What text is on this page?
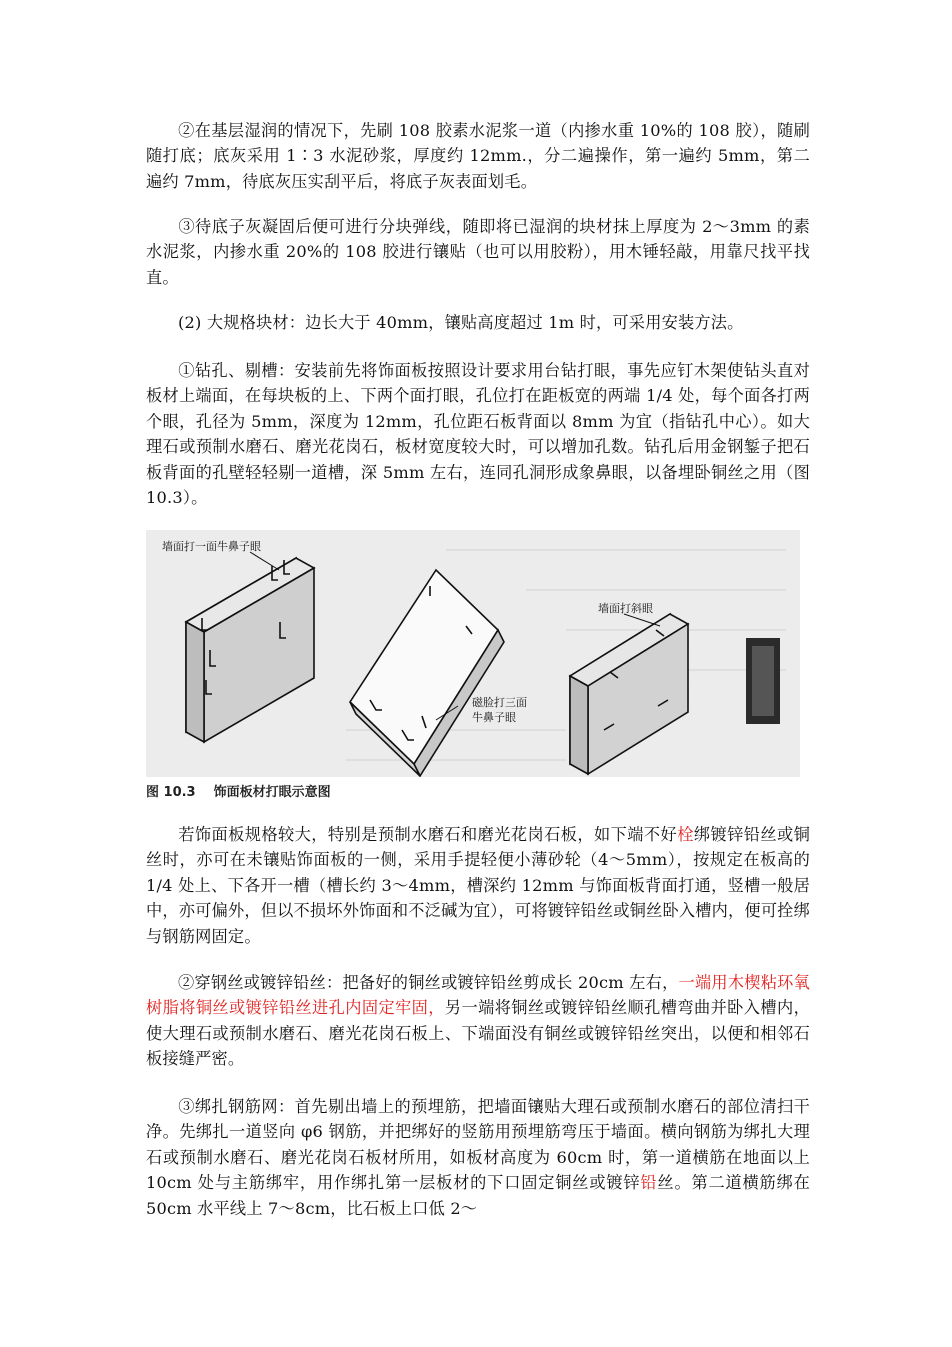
②在基层湿润的情况下，先刷 108 胶素水泥浆一道（内掺水重 10%的 108 胶），随刷随打底；底灰采用 1∶3 水泥砂浆，厚度约 12mm.，分二遍操作，第一遍约 5mm，第二遍约 7mm，待底灰压实刮平后，将底子灰表面划毛。

③待底子灰凝固后便可进行分块弹线，随即将已湿润的块材抹上厚度为 2～3mm 的素水泥浆，内掺水重 20%的 108 胶进行镶贴（也可以用胶粉），用木锤轻敲，用靠尺找平找直。

(2) 大规格块材：边长大于 40mm，镶贴高度超过 1m 时，可采用安装方法。

①钻孔、剔槽：安装前先将饰面板按照设计要求用台钻打眼，事先应钉木架使钻头直对板材上端面，在每块板的上、下两个面打眼，孔位打在距板宽的两端 1/4 处，每个面各打两个眼，孔径为 5mm，深度为 12mm，孔位距石板背面以 8mm 为宜（指钻孔中心）。如大理石或预制水磨石、磨光花岗石，板材宽度较大时，可以增加孔数。钻孔后用金钢錾子把石板背面的孔壁轻轻剔一道槽，深 5mm 左右，连同孔洞形成象鼻眼，以备埋卧铜丝之用（图 10.3）。

墙面打一面牛鼻子眼
磁脸打三面
牛鼻子眼
墙面打斜眼
图 10.3 饰面板材打眼示意图

若饰面板规格较大，特别是预制水磨石和磨光花岗石板，如下端不好栓绑镀锌铅丝或铜丝时，亦可在未镶贴饰面板的一侧，采用手提轻便小薄砂轮（4～5mm），按规定在板高的 1/4 处上、下各开一槽（槽长约 3～4mm，槽深约 12mm 与饰面板背面打通，竖槽一般居中，亦可偏外，但以不损坏外饰面和不泛碱为宜），可将镀锌铅丝或铜丝卧入槽内，便可拴绑与钢筋网固定。

②穿钢丝或镀锌铅丝：把备好的铜丝或镀锌铅丝剪成长 20cm 左右，一端用木楔粘环氧树脂将铜丝或镀锌铅丝进孔内固定牢固，另一端将铜丝或镀锌铅丝顺孔槽弯曲并卧入槽内，使大理石或预制水磨石、磨光花岗石板上、下端面没有铜丝或镀锌铅丝突出，以便和相邻石板接缝严密。

③绑扎钢筋网：首先剔出墙上的预埋筋，把墙面镶贴大理石或预制水磨石的部位清扫干净。先绑扎一道竖向 φ6 钢筋，并把绑好的竖筋用预埋筋弯压于墙面。横向钢筋为绑扎大理石或预制水磨石、磨光花岗石板材所用，如板材高度为 60cm 时，第一道横筋在地面以上 10cm 处与主筋绑牢，用作绑扎第一层板材的下口固定铜丝或镀锌铅丝。第二道横筋绑在 50cm 水平线上 7～8cm，比石板上口低 2～
